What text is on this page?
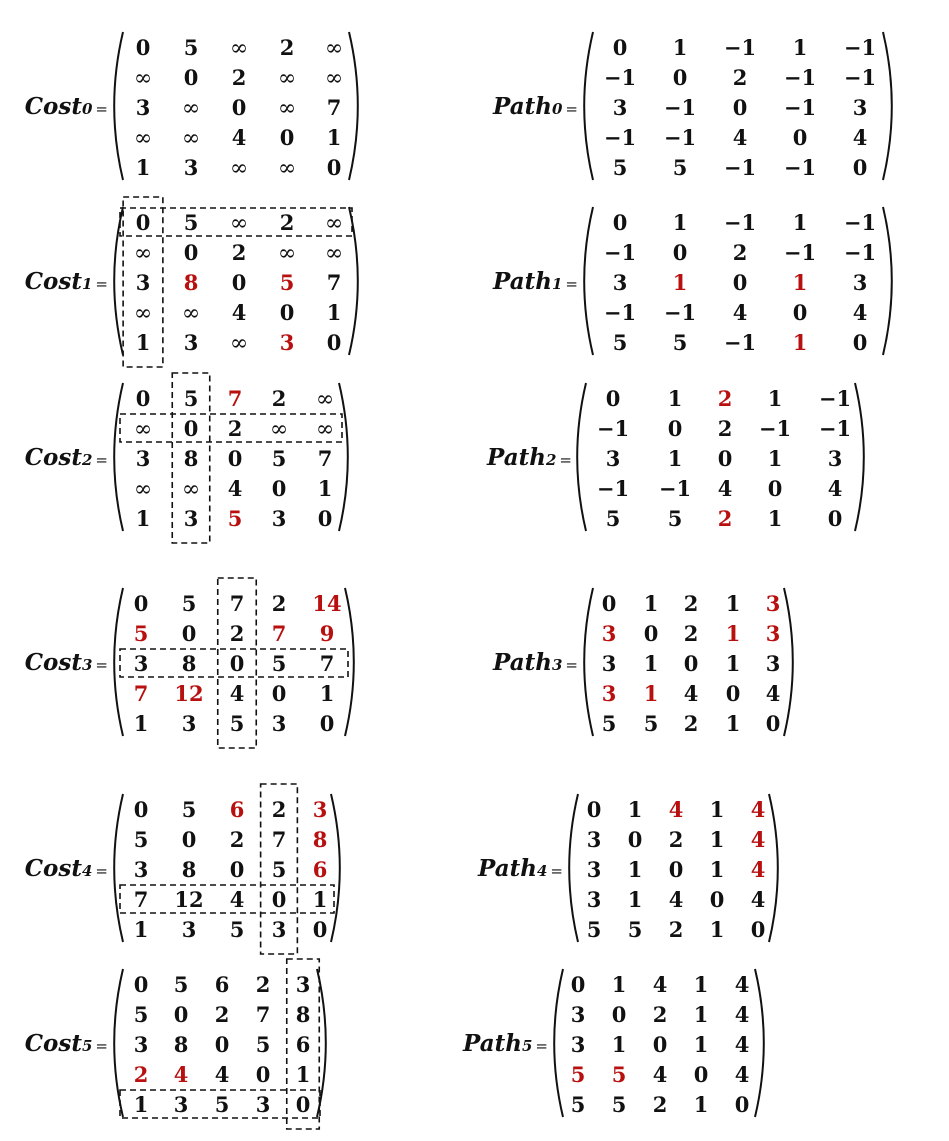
Cost0 =
0 5 ∞ 2 ∞
∞ 0 2 ∞ ∞
3 ∞ 0 ∞ 7
∞ ∞ 4 0 1
1 3 ∞ ∞ 0
Path0 =
0 1 −1 1 −1
−1 0 2 −1 −1
3 −1 0 −1 3
−1 −1 4 0 4
5 5 −1 −1 0
Cost1 =
0 5 ∞ 2 ∞
∞ 0 2 ∞ ∞
3 8 0 5 7
∞ ∞ 4 0 1
1 3 ∞ 3 0
Path1 =
0 1 −1 1 −1
−1 0 2 −1 −1
3 1 0 1 3
−1 −1 4 0 4
5 5 −1 1 0
Cost2 =
0 5 7 2 ∞
∞ 0 2 ∞ ∞
3 8 0 5 7
∞ ∞ 4 0 1
1 3 5 3 0
Path2 =
0 1 2 1 −1
−1 0 2 −1 −1
3 1 0 1 3
−1 −1 4 0 4
5 5 2 1 0
Cost3 =
0 5 7 2 14
5 0 2 7 9
3 8 0 5 7
7 12 4 0 1
1 3 5 3 0
Path3 =
0 1 2 1 3
3 0 2 1 3
3 1 0 1 3
3 1 4 0 4
5 5 2 1 0
Cost4 =
0 5 6 2 3
5 0 2 7 8
3 8 0 5 6
7 12 4 0 1
1 3 5 3 0
Path4 =
0 1 4 1 4
3 0 2 1 4
3 1 0 1 4
3 1 4 0 4
5 5 2 1 0
Cost5 =
0 5 6 2 3
5 0 2 7 8
3 8 0 5 6
2 4 4 0 1
1 3 5 3 0
Path5 =
0 1 4 1 4
3 0 2 1 4
3 1 0 1 4
5 5 4 0 4
5 5 2 1 0
